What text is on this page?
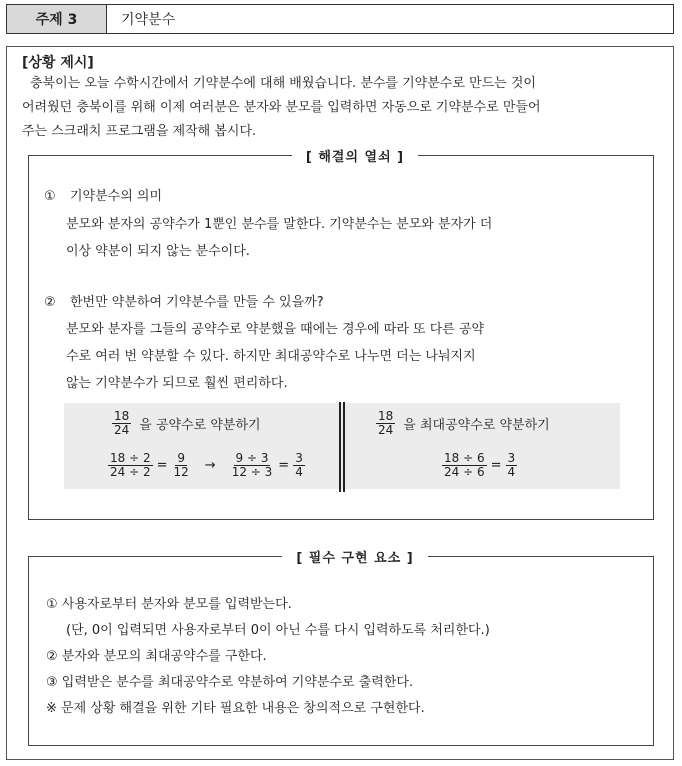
주제 3	기약분수
[상황 제시]
충북이는 오늘 수학시간에서 기약분수에 대해 배웠습니다. 분수를 기약분수로 만드는 것이
어려웠던 충북이를 위해 이제 여러분은 분자와 분모를 입력하면 자동으로 기약분수로 만들어
주는 스크래치 프로그램을 제작해 봅시다.
[ 해결의 열쇠 ]
① 기약분수의 의미
분모와 분자의 공약수가 1뿐인 분수를 말한다. 기약분수는 분모와 분자가 더
이상 약분이 되지 않는 분수이다.
② 한번만 약분하여 기약분수를 만들 수 있을까?
분모와 분자를 그들의 공약수로 약분했을 때에는 경우에 따라 또 다른 공약
수로 여러 번 약분할 수 있다. 하지만 최대공약수로 나누면 더는 나눠지지
않는 기약분수가 되므로 훨씬 편리하다.
$\frac{18}{24}$ 을 공약수로 약분하기
$\frac{18 \div 2}{24 \div 2} = \frac{9}{12} \to \frac{9 \div 3}{12 \div 3} = \frac{3}{4}$
$\frac{18}{24}$ 을 최대공약수로 약분하기
$\frac{18 \div 6}{24 \div 6} = \frac{3}{4}$
[ 필수 구현 요소 ]
① 사용자로부터 분자와 분모를 입력받는다.
(단, 0이 입력되면 사용자로부터 0이 아닌 수를 다시 입력하도록 처리한다.)
② 분자와 분모의 최대공약수를 구한다.
③ 입력받은 분수를 최대공약수로 약분하여 기약분수로 출력한다.
※ 문제 상황 해결을 위한 기타 필요한 내용은 창의적으로 구현한다.
